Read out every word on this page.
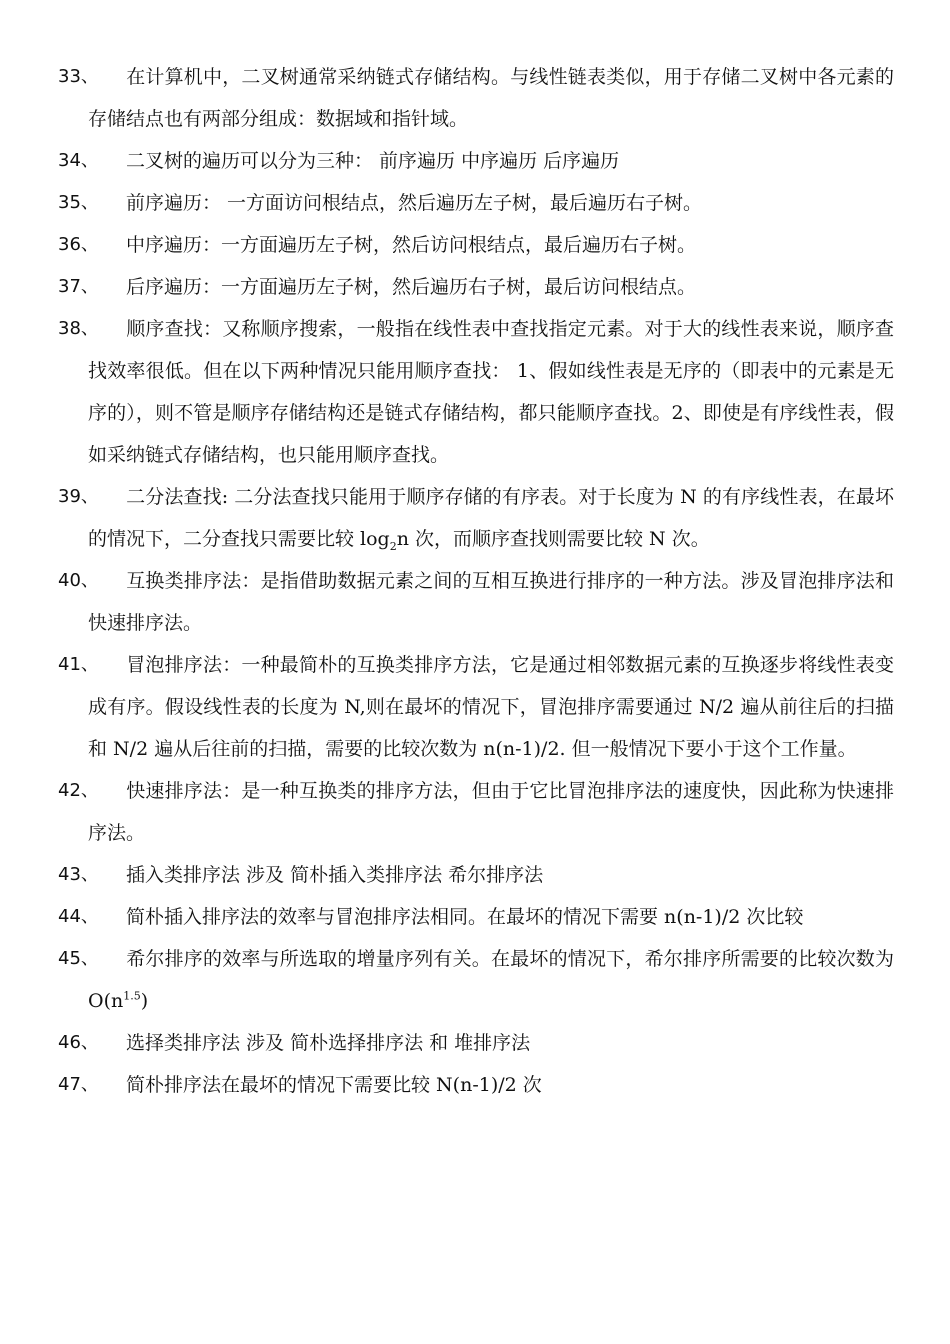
33、	在计算机中，二叉树通常采纳链式存储结构。与线性链表类似，用于存储二叉树中各元素的存储结点也有两部分组成：数据域和指针域。
34、	二叉树的遍历可以分为三种： 前序遍历 中序遍历 后序遍历
35、	前序遍历： 一方面访问根结点，然后遍历左子树，最后遍历右子树。
36、	中序遍历：一方面遍历左子树，然后访问根结点，最后遍历右子树。
37、	后序遍历：一方面遍历左子树，然后遍历右子树，最后访问根结点。
38、	顺序查找：又称顺序搜索，一般指在线性表中查找指定元素。对于大的线性表来说，顺序查找效率很低。但在以下两种情况只能用顺序查找： 1、假如线性表是无序的（即表中的元素是无序的），则不管是顺序存储结构还是链式存储结构，都只能顺序查找。2、即使是有序线性表，假如采纳链式存储结构，也只能用顺序查找。
39、	二分法查找: 二分法查找只能用于顺序存储的有序表。对于长度为 N 的有序线性表，在最坏的情况下，二分查找只需要比较 $\log_2n$ 次，而顺序查找则需要比较 N 次。
40、	互换类排序法：是指借助数据元素之间的互相互换进行排序的一种方法。涉及冒泡排序法和 快速排序法。
41、	冒泡排序法：一种最简朴的互换类排序方法，它是通过相邻数据元素的互换逐步将线性表变成有序。假设线性表的长度为 N,则在最坏的情况下，冒泡排序需要通过 N/2 遍从前往后的扫描和 N/2 遍从后往前的扫描，需要的比较次数为 n(n-1)/2. 但一般情况下要小于这个工作量。
42、	快速排序法：是一种互换类的排序方法，但由于它比冒泡排序法的速度快，因此称为快速排序法。
43、	插入类排序法 涉及 简朴插入类排序法 希尔排序法
44、	简朴插入排序法的效率与冒泡排序法相同。在最坏的情况下需要 n(n-1)/2 次比较
45、	希尔排序的效率与所选取的增量序列有关。在最坏的情况下，希尔排序所需要的比较次数为 $O(n^{1.5})$
46、	选择类排序法 涉及 简朴选择排序法 和 堆排序法
47、	简朴排序法在最坏的情况下需要比较 N(n-1)/2 次
